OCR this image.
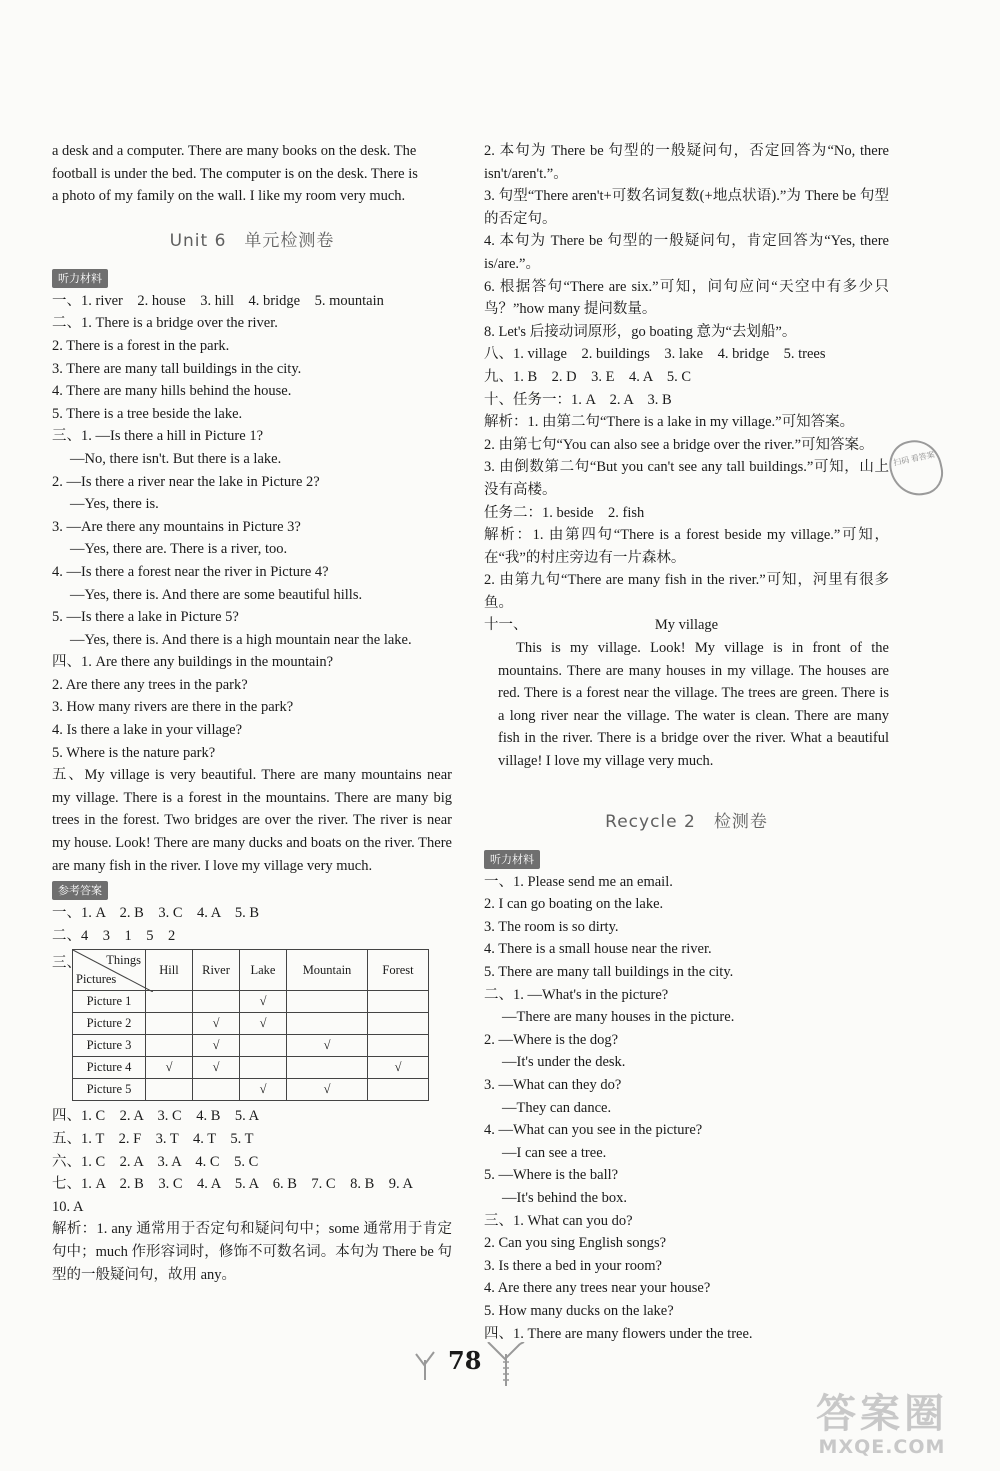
a desk and a computer. There are many books on the desk. The
football is under the bed. The computer is on the desk. There is
a photo of my family on the wall. I like my room very much.
Unit 6　单元检测卷
听力材料
一、1. river　2. house　3. hill　4. bridge　5. mountain
二、1. There is a bridge over the river.
2. There is a forest in the park.
3. There are many tall buildings in the city.
4. There are many hills behind the house.
5. There is a tree beside the lake.
三、1. —Is there a hill in Picture 1?
—No, there isn't. But there is a lake.
2. —Is there a river near the lake in Picture 2?
—Yes, there is.
3. —Are there any mountains in Picture 3?
—Yes, there are. There is a river, too.
4. —Is there a forest near the river in Picture 4?
—Yes, there is. And there are some beautiful hills.
5. —Is there a lake in Picture 5?
—Yes, there is. And there is a high mountain near the lake.
四、1. Are there any buildings in the mountain?
2. Are there any trees in the park?
3. How many rivers are there in the park?
4. Is there a lake in your village?
5. Where is the nature park?
五、My village is very beautiful. There are many mountains near my village. There is a forest in the mountains. There are many big trees in the forest. Two bridges are over the river. The river is near my house. Look! There are many ducks and boats on the river. There are many fish in the river. I love my village very much.
参考答案
一、1. A　2. B　3. C　4. A　5. B
二、4　3　1　5　2
三、 Things
Pictures	Hill	River	Lake	Mountain	Forest
Picture 1			√		
Picture 2		√	√		
Picture 3		√		√	
Picture 4	√	√			√
Picture 5			√	√	
四、1. C　2. A　3. C　4. B　5. A
五、1. T　2. F　3. T　4. T　5. T
六、1. C　2. A　3. A　4. C　5. C
七、1. A　2. B　3. C　4. A　5. A　6. B　7. C　8. B　9. A
10. A
解析：1. any 通常用于否定句和疑问句中；some 通常用于肯定句中；much 作形容词时，修饰不可数名词。本句为 There be 句型的一般疑问句，故用 any。
2. 本句为 There be 句型的一般疑问句，否定回答为“No, there isn't/aren't.”。
3. 句型“There aren't+可数名词复数(+地点状语).”为 There be 句型的否定句。
4. 本句为 There be 句型的一般疑问句，肯定回答为“Yes, there is/are.”。
6. 根据答句“There are six.”可知，问句应问“天空中有多少只鸟？”how many 提问数量。
8. Let's 后接动词原形，go boating 意为“去划船”。
八、1. village　2. buildings　3. lake　4. bridge　5. trees
九、1. B　2. D　3. E　4. A　5. C
十、任务一：1. A　2. A　3. B
解析：1. 由第二句“There is a lake in my village.”可知答案。
2. 由第七句“You can also see a bridge over the river.”可知答案。
3. 由倒数第二句“But you can't see any tall buildings.”可知，山上没有高楼。
任务二：1. beside　2. fish
解析：1. 由第四句“There is a forest beside my village.”可知，在“我”的村庄旁边有一片森林。
2. 由第九句“There are many fish in the river.”可知，河里有很多鱼。
十一、	My village
This is my village. Look! My village is in front of the mountains. There are many houses in my village. The houses are red. There is a forest near the village. The trees are green. There is a long river near the village. The water is clean. There are many fish in the river. There is a bridge over the river. What a beautiful village! I love my village very much.
Recycle 2　检测卷
听力材料
一、1. Please send me an email.
2. I can go boating on the lake.
3. The room is so dirty.
4. There is a small house near the river.
5. There are many tall buildings in the city.
二、1. —What's in the picture?
—There are many houses in the picture.
2. —Where is the dog?
—It's under the desk.
3. —What can they do?
—They can dance.
4. —What can you see in the picture?
—I can see a tree.
5. —Where is the ball?
—It's behind the box.
三、1. What can you do?
2. Can you sing English songs?
3. Is there a bed in your room?
4. Are there any trees near your house?
5. How many ducks on the lake?
四、1. There are many flowers under the tree.
扫码 看答案
78
答案圈
MXQE.COM
